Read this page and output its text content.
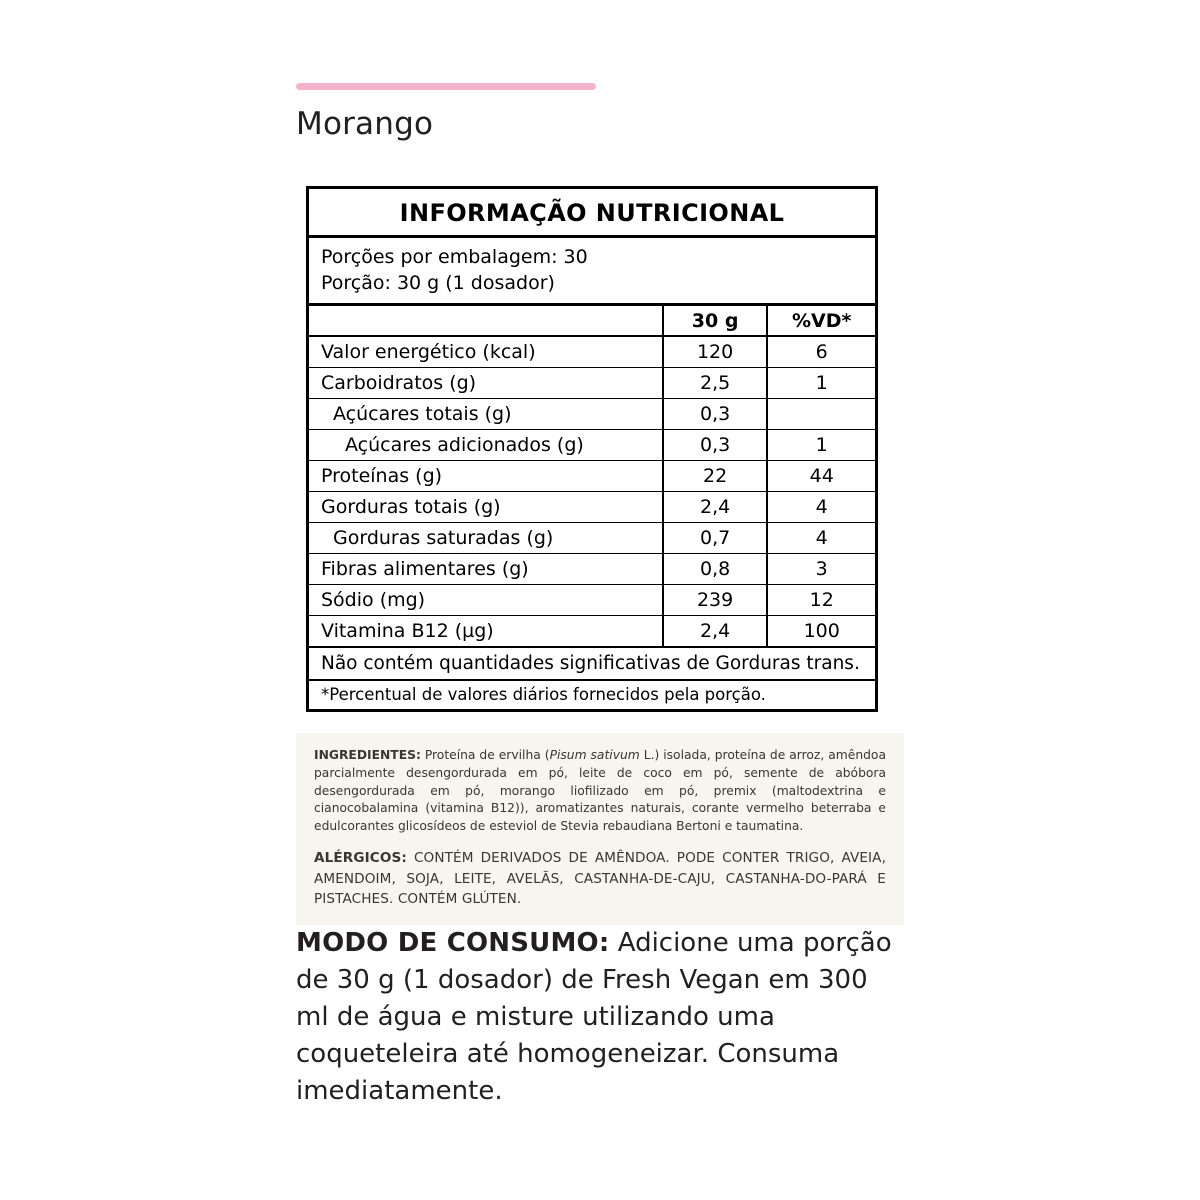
Morango
INFORMAÇÃO NUTRICIONAL
Porções por embalagem: 30
Porção: 30 g (1 dosador)
	30 g	%VD*
Valor energético (kcal)	120	6
Carboidratos (g)	2,5	1
Açúcares totais (g)	0,3	
Açúcares adicionados (g)	0,3	1
Proteínas (g)	22	44
Gorduras totais (g)	2,4	4
Gorduras saturadas (g)	0,7	4
Fibras alimentares (g)	0,8	3
Sódio (mg)	239	12
Vitamina B12 (µg)	2,4	100
Não contém quantidades significativas de Gorduras trans.
*Percentual de valores diários fornecidos pela porção.
INGREDIENTES: Proteína de ervilha (Pisum sativum L.) isolada, proteína de arroz, amêndoa parcialmente desengordurada em pó, leite de coco em pó, semente de abóbora desengordurada em pó, morango liofilizado em pó, premix (maltodextrina e cianocobalamina (vitamina B12)), aromatizantes naturais, corante vermelho beterraba e edulcorantes glicosídeos de esteviol de Stevia rebaudiana Bertoni e taumatina.
ALÉRGICOS: CONTÉM DERIVADOS DE AMÊNDOA. PODE CONTER TRIGO, AVEIA, AMENDOIM, SOJA, LEITE, AVELÃS, CASTANHA-DE-CAJU, CASTANHA-DO-PARÁ E PISTACHES. CONTÉM GLÚTEN.
MODO DE CONSUMO: Adicione uma porção de 30 g (1 dosador) de Fresh Vegan em 300 ml de água e misture utilizando uma coqueteleira até homogeneizar. Consuma imediatamente.
